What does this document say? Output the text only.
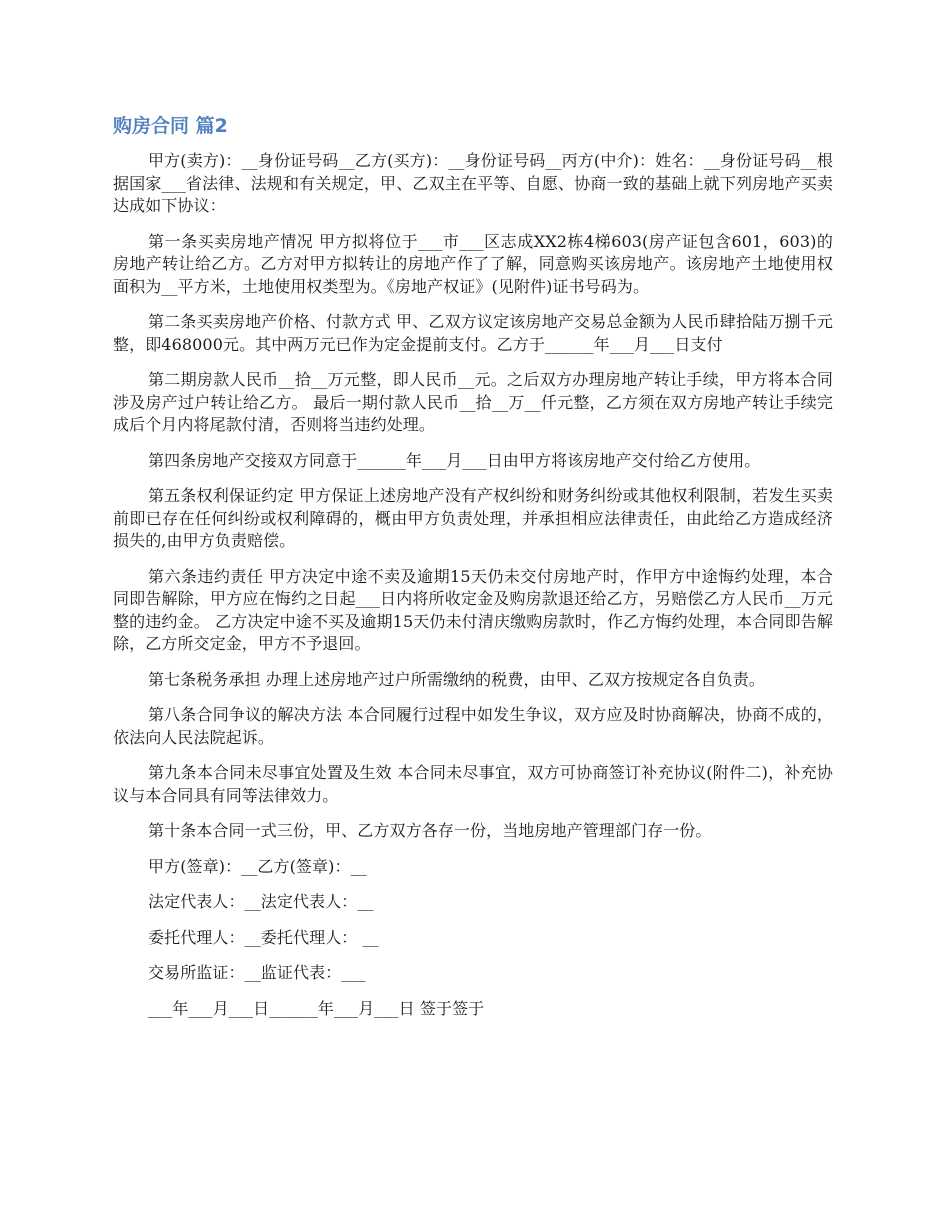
购房合同 篇2

甲方(卖方)：__身份证号码__乙方(买方)：__身份证号码__丙方(中介)：姓名：__身份证号码__根据国家___省法律、法规和有关规定，甲、乙双主在平等、自愿、协商一致的基础上就下列房地产买卖达成如下协议：

第一条买卖房地产情况 甲方拟将位于___市___区志成XX2栋4梯603(房产证包含601，603)的房地产转让给乙方。乙方对甲方拟转让的房地产作了了解，同意购买该房地产。该房地产土地使用权面积为__平方米，土地使用权类型为。《房地产权证》(见附件)证书号码为。

第二条买卖房地产价格、付款方式 甲、乙双方议定该房地产交易总金额为人民币肆拾陆万捌千元整，即468000元。其中两万元已作为定金提前支付。乙方于______年___月___日支付

第二期房款人民币__拾__万元整，即人民币__元。之后双方办理房地产转让手续，甲方将本合同涉及房产过户转让给乙方。 最后一期付款人民币__拾__万__仟元整，乙方须在双方房地产转让手续完成后个月内将尾款付清，否则将当违约处理。

第四条房地产交接双方同意于______年___月___日由甲方将该房地产交付给乙方使用。

第五条权利保证约定 甲方保证上述房地产没有产权纠纷和财务纠纷或其他权利限制，若发生买卖前即已存在任何纠纷或权利障碍的，概由甲方负责处理，并承担相应法律责任，由此给乙方造成经济损失的,由甲方负责赔偿。

第六条违约责任 甲方决定中途不卖及逾期15天仍未交付房地产时，作甲方中途悔约处理，本合同即告解除，甲方应在悔约之日起___日内将所收定金及购房款退还给乙方，另赔偿乙方人民币__万元整的违约金。 乙方决定中途不买及逾期15天仍未付清庆缴购房款时，作乙方悔约处理，本合同即告解除，乙方所交定金，甲方不予退回。

第七条税务承担 办理上述房地产过户所需缴纳的税费，由甲、乙双方按规定各自负责。

第八条合同争议的解决方法 本合同履行过程中如发生争议，双方应及时协商解决，协商不成的，依法向人民法院起诉。

第九条本合同未尽事宜处置及生效 本合同未尽事宜，双方可协商签订补充协议(附件二)，补充协议与本合同具有同等法律效力。

第十条本合同一式三份，甲、乙方双方各存一份，当地房地产管理部门存一份。

甲方(签章)：__乙方(签章)：__

法定代表人：__法定代表人：__

委托代理人：__委托代理人： __

交易所监证：__监证代表：___

___年___月___日______年___月___日 签于签于
